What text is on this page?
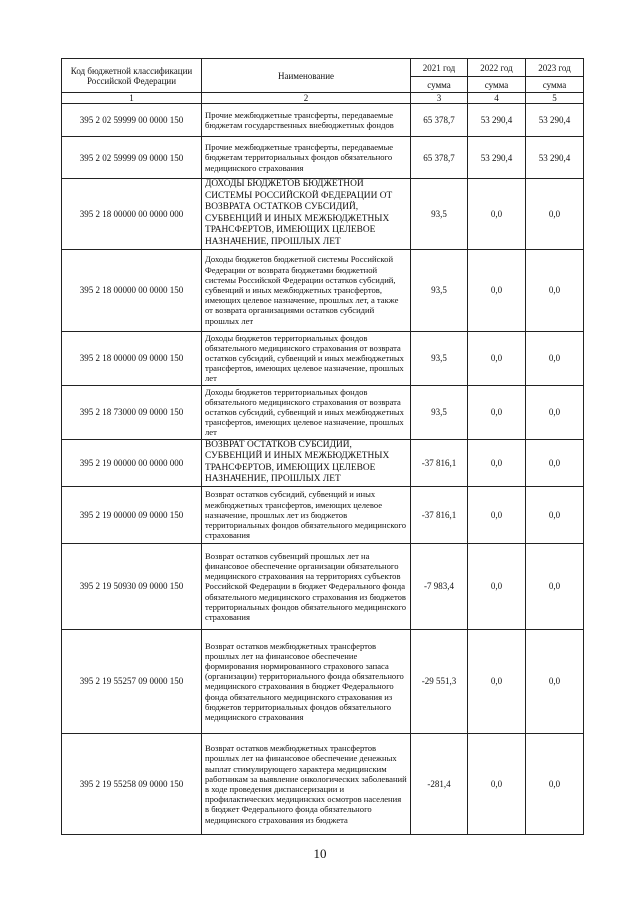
Код бюджетной классификации Российской Федерации	Наименование	2021 год	2022 год	2023 год
		сумма	сумма	сумма
1	2	3	4	5
395 2 02 59999 00 0000 150	Прочие межбюджетные трансферты, передаваемые бюджетам государственных внебюджетных фондов	65 378,7	53 290,4	53 290,4
395 2 02 59999 09 0000 150	Прочие межбюджетные трансферты, передаваемые бюджетам территориальных фондов обязательного медицинского страхования	65 378,7	53 290,4	53 290,4
395 2 18 00000 00 0000 000	ДОХОДЫ БЮДЖЕТОВ БЮДЖЕТНОЙ СИСТЕМЫ РОССИЙСКОЙ ФЕДЕРАЦИИ ОТ ВОЗВРАТА ОСТАТКОВ СУБСИДИЙ, СУБВЕНЦИЙ И ИНЫХ МЕЖБЮДЖЕТНЫХ ТРАНСФЕРТОВ, ИМЕЮЩИХ ЦЕЛЕВОЕ НАЗНАЧЕНИЕ, ПРОШЛЫХ ЛЕТ	93,5	0,0	0,0
395 2 18 00000 00 0000 150	Доходы бюджетов бюджетной системы Российской Федерации от возврата бюджетами бюджетной системы Российской Федерации остатков субсидий, субвенций и иных межбюджетных трансфертов, имеющих целевое назначение, прошлых лет, а также от возврата организациями остатков субсидий прошлых лет	93,5	0,0	0,0
395 2 18 00000 09 0000 150	Доходы бюджетов территориальных фондов обязательного медицинского страхования от возврата остатков субсидий, субвенций и иных межбюджетных трансфертов, имеющих целевое назначение, прошлых лет	93,5	0,0	0,0
395 2 18 73000 09 0000 150	Доходы бюджетов территориальных фондов обязательного медицинского страхования от возврата остатков субсидий, субвенций и иных межбюджетных трансфертов, имеющих целевое назначение, прошлых лет	93,5	0,0	0,0
395 2 19 00000 00 0000 000	ВОЗВРАТ ОСТАТКОВ СУБСИДИЙ, СУБВЕНЦИЙ И ИНЫХ МЕЖБЮДЖЕТНЫХ ТРАНСФЕРТОВ, ИМЕЮЩИХ ЦЕЛЕВОЕ НАЗНАЧЕНИЕ, ПРОШЛЫХ ЛЕТ	-37 816,1	0,0	0,0
395 2 19 00000 09 0000 150	Возврат остатков субсидий, субвенций и иных межбюджетных трансфертов, имеющих целевое назначение, прошлых лет из бюджетов территориальных фондов обязательного медицинского страхования	-37 816,1	0,0	0,0
395 2 19 50930 09 0000 150	Возврат остатков субвенций прошлых лет на финансовое обеспечение организации обязательного медицинского страхования на территориях субъектов Российской Федерации в бюджет Федерального фонда обязательного медицинского страхования из бюджетов территориальных фондов обязательного медицинского страхования	-7 983,4	0,0	0,0
395 2 19 55257 09 0000 150	Возврат остатков межбюджетных трансфертов прошлых лет на финансовое обеспечение формирования нормированного страхового запаса (организации) территориального фонда обязательного медицинского страхования в бюджет Федерального фонда обязательного медицинского страхования из бюджетов территориальных фондов обязательного медицинского страхования	-29 551,3	0,0	0,0
395 2 19 55258 09 0000 150	Возврат остатков межбюджетных трансфертов прошлых лет на финансовое обеспечение денежных выплат стимулирующего характера медицинским работникам за выявление онкологических заболеваний в ходе проведения диспансеризации и профилактических медицинских осмотров населения в бюджет Федерального фонда обязательного медицинского страхования из бюджета	-281,4	0,0	0,0
10
